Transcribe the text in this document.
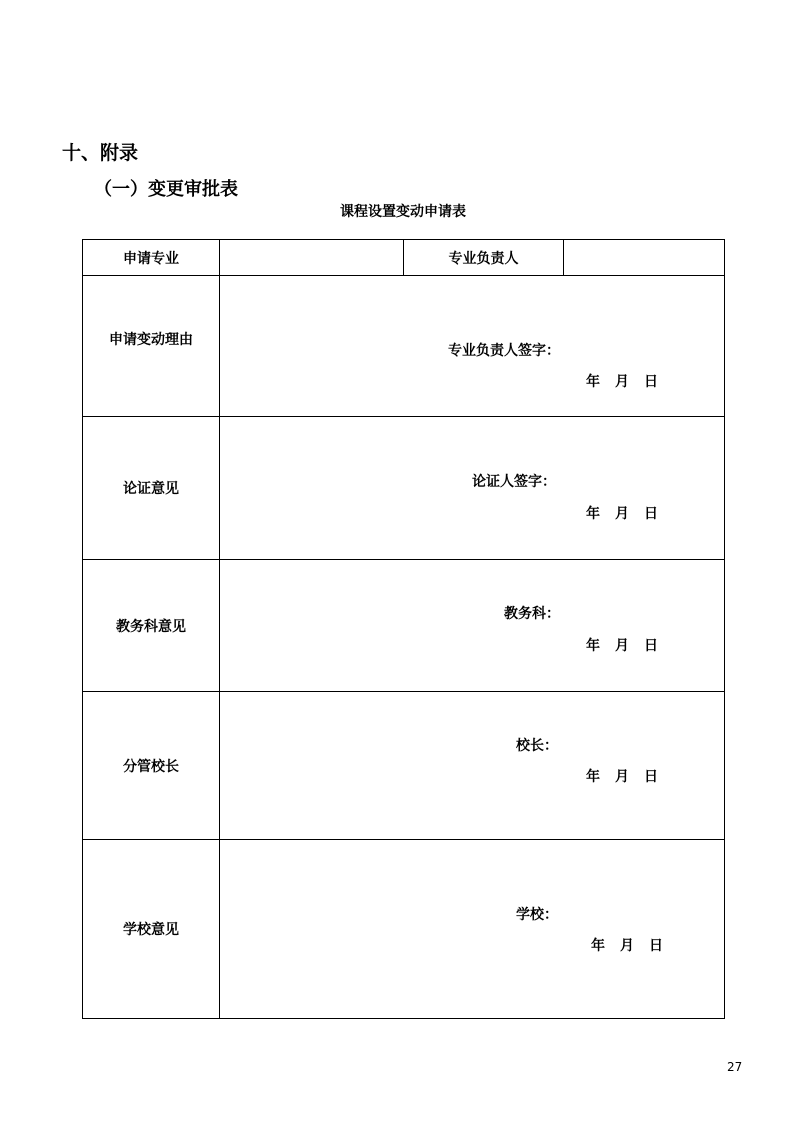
十、附录
（一）变更审批表
课程设置变动申请表
申请专业		专业负责人	

申请变动理由	专业负责人签字：
年 月 日		

论证意见	论证人签字：
年 月 日		

教务科意见	教务科：
年 月 日		

分管校长	校长：
年 月 日		

学校意见	学校：
年 月 日		
27
